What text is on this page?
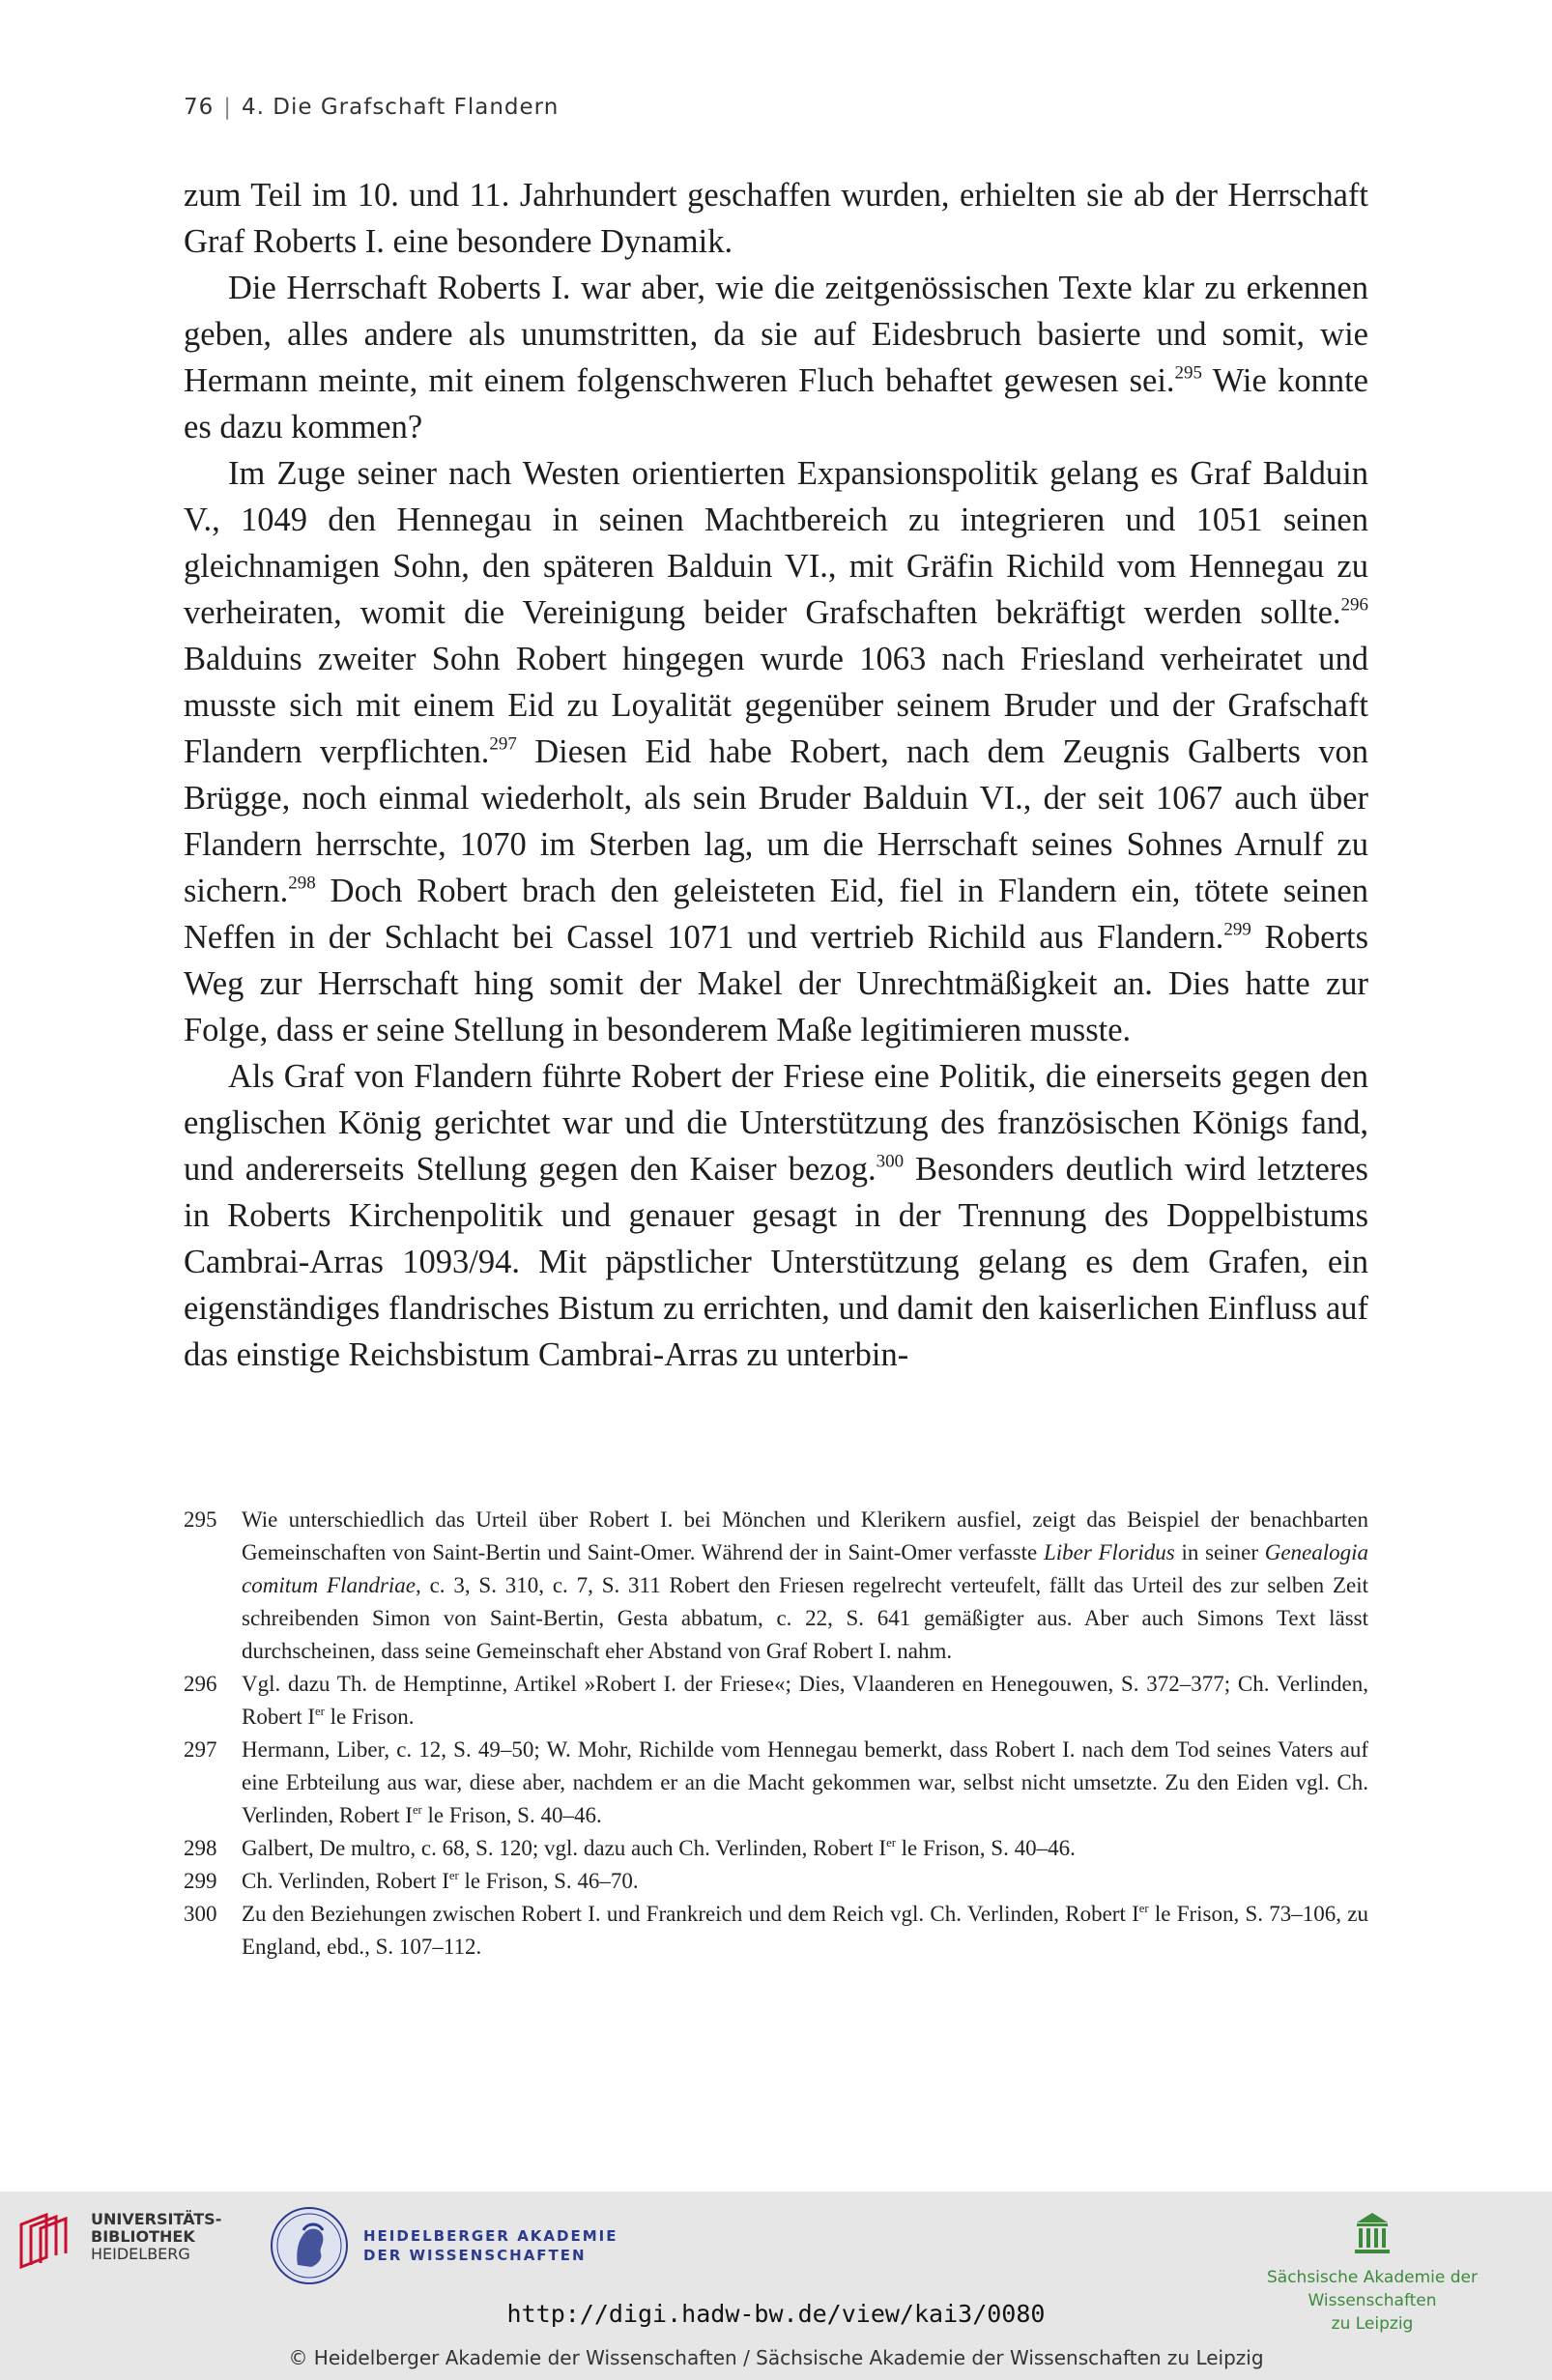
76 | 4. Die Grafschaft Flandern

zum Teil im 10. und 11. Jahrhundert geschaffen wurden, erhielten sie ab der Herrschaft Graf Roberts I. eine besondere Dynamik.

Die Herrschaft Roberts I. war aber, wie die zeitgenössischen Texte klar zu erkennen geben, alles andere als unumstritten, da sie auf Eidesbruch basierte und somit, wie Hermann meinte, mit einem folgenschweren Fluch behaftet gewesen sei.$^{295}$ Wie konnte es dazu kommen?

Im Zuge seiner nach Westen orientierten Expansionspolitik gelang es Graf Balduin V., 1049 den Hennegau in seinen Machtbereich zu integrieren und 1051 seinen gleichnamigen Sohn, den späteren Balduin VI., mit Gräfin Richild vom Hennegau zu verheiraten, womit die Vereinigung beider Grafschaften bekräftigt werden sollte.$^{296}$ Balduins zweiter Sohn Robert hingegen wurde 1063 nach Friesland verheiratet und musste sich mit einem Eid zu Loyalität gegenüber seinem Bruder und der Grafschaft Flandern verpflichten.$^{297}$ Diesen Eid habe Robert, nach dem Zeugnis Galberts von Brügge, noch einmal wiederholt, als sein Bruder Balduin VI., der seit 1067 auch über Flandern herrschte, 1070 im Sterben lag, um die Herrschaft seines Sohnes Arnulf zu sichern.$^{298}$ Doch Robert brach den geleisteten Eid, fiel in Flandern ein, tötete seinen Neffen in der Schlacht bei Cassel 1071 und vertrieb Richild aus Flandern.$^{299}$ Roberts Weg zur Herrschaft hing somit der Makel der Unrechtmäßigkeit an. Dies hatte zur Folge, dass er seine Stellung in besonderem Maße legitimieren musste.

Als Graf von Flandern führte Robert der Friese eine Politik, die einerseits gegen den englischen König gerichtet war und die Unterstützung des französischen Königs fand, und andererseits Stellung gegen den Kaiser bezog.$^{300}$ Besonders deutlich wird letzteres in Roberts Kirchenpolitik und genauer gesagt in der Trennung des Doppelbistums Cambrai-Arras 1093/94. Mit päpstlicher Unterstützung gelang es dem Grafen, ein eigenständiges flandrisches Bistum zu errichten, und damit den kaiserlichen Einfluss auf das einstige Reichsbistum Cambrai-Arras zu unterbin-

295	Wie unterschiedlich das Urteil über Robert I. bei Mönchen und Klerikern ausfiel, zeigt das Beispiel der benachbarten Gemeinschaften von Saint-Bertin und Saint-Omer. Während der in Saint-Omer verfasste Liber Floridus in seiner Genealogia comitum Flandriae, c. 3, S. 310, c. 7, S. 311 Robert den Friesen regelrecht verteufelt, fällt das Urteil des zur selben Zeit schreibenden Simon von Saint-Bertin, Gesta abbatum, c. 22, S. 641 gemäßigter aus. Aber auch Simons Text lässt durchscheinen, dass seine Gemeinschaft eher Abstand von Graf Robert I. nahm.
296	Vgl. dazu Th. de Hemptinne, Artikel »Robert I. der Friese«; Dies, Vlaanderen en Henegouwen, S. 372–377; Ch. Verlinden, Robert Ier le Frison.
297	Hermann, Liber, c. 12, S. 49–50; W. Mohr, Richilde vom Hennegau bemerkt, dass Robert I. nach dem Tod seines Vaters auf eine Erbteilung aus war, diese aber, nachdem er an die Macht gekommen war, selbst nicht umsetzte. Zu den Eiden vgl. Ch. Verlinden, Robert Ier le Frison, S. 40–46.
298	Galbert, De multro, c. 68, S. 120; vgl. dazu auch Ch. Verlinden, Robert Ier le Frison, S. 40–46.
299	Ch. Verlinden, Robert Ier le Frison, S. 46–70.
300	Zu den Beziehungen zwischen Robert I. und Frankreich und dem Reich vgl. Ch. Verlinden, Robert Ier le Frison, S. 73–106, zu England, ebd., S. 107–112.
UNIVERSITÄTS-
BIBLIOTHEK
HEIDELBERG
HEIDELBERGER AKADEMIE
DER WISSENSCHAFTEN
Sächsische Akademie der Wissenschaften
zu Leipzig
http://digi.hadw-bw.de/view/kai3/0080
© Heidelberger Akademie der Wissenschaften / Sächsische Akademie der Wissenschaften zu Leipzig
